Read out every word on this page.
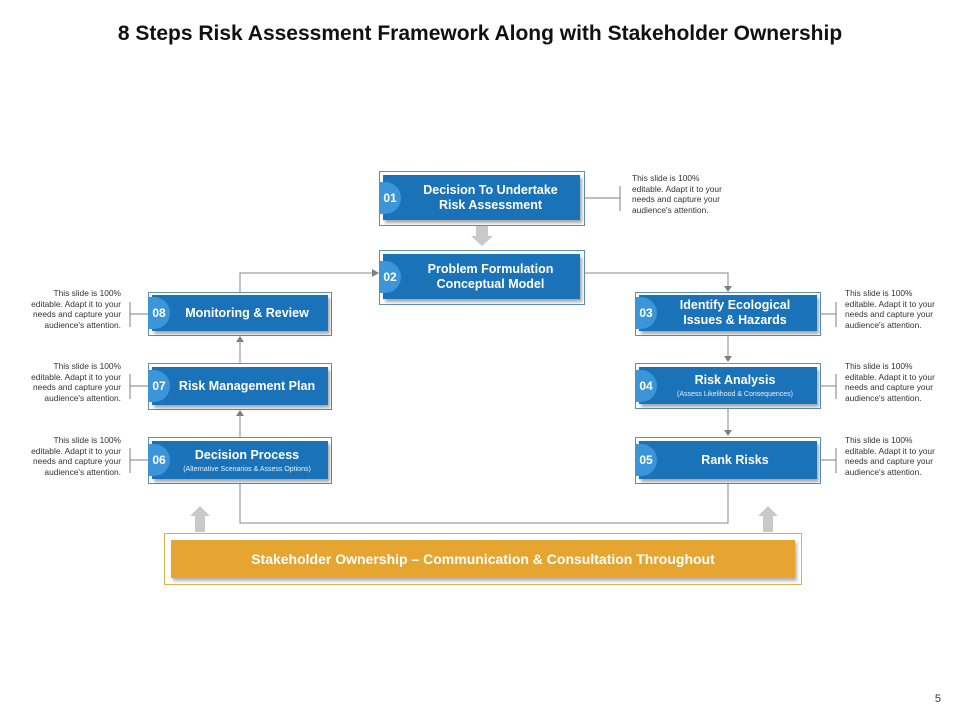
8 Steps Risk Assessment Framework Along with Stakeholder Ownership
Decision To Undertake
Risk Assessment
01
Problem Formulation
Conceptual Model
02
Identify Ecological
Issues & Hazards
03
Risk Analysis
(Assess Likelihood & Consequences)
04
Rank Risks
05
Decision Process
(Alternative Scenarios & Assess Options)
06
Risk Management Plan
07
Monitoring & Review
08
This slide is 100% editable. Adapt it to your needs and capture your audience's attention.
This slide is 100% editable. Adapt it to your needs and capture your audience's attention.
This slide is 100% editable. Adapt it to your needs and capture your audience's attention.
This slide is 100% editable. Adapt it to your needs and capture your audience's attention.
This slide is 100% editable. Adapt it to your needs and capture your audience's attention.
This slide is 100% editable. Adapt it to your needs and capture your audience's attention.
This slide is 100% editable. Adapt it to your needs and capture your audience's attention.
Stakeholder Ownership – Communication & Consultation Throughout
5
